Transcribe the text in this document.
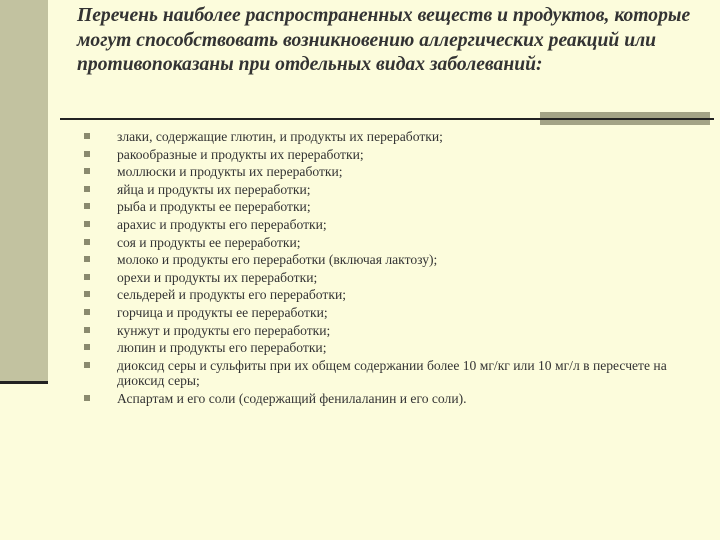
Перечень наиболее распространенных веществ и продуктов, которые могут способствовать возникновению аллергических реакций или противопоказаны при отдельных видах заболеваний:
злаки, содержащие глютин, и продукты их переработки;
ракообразные и продукты их переработки;
моллюски и продукты их переработки;
яйца и продукты их переработки;
рыба и продукты ее переработки;
арахис и продукты его переработки;
соя и продукты ее переработки;
молоко и продукты его переработки (включая лактозу);
орехи и продукты их переработки;
сельдерей и продукты его переработки;
горчица и продукты ее переработки;
кунжут и продукты его переработки;
люпин и продукты его переработки;
диоксид серы и сульфиты при их общем содержании более 10 мг/кг или 10 мг/л в пересчете на диоксид серы;
Аспартам и его соли (содержащий фенилаланин и его соли).
